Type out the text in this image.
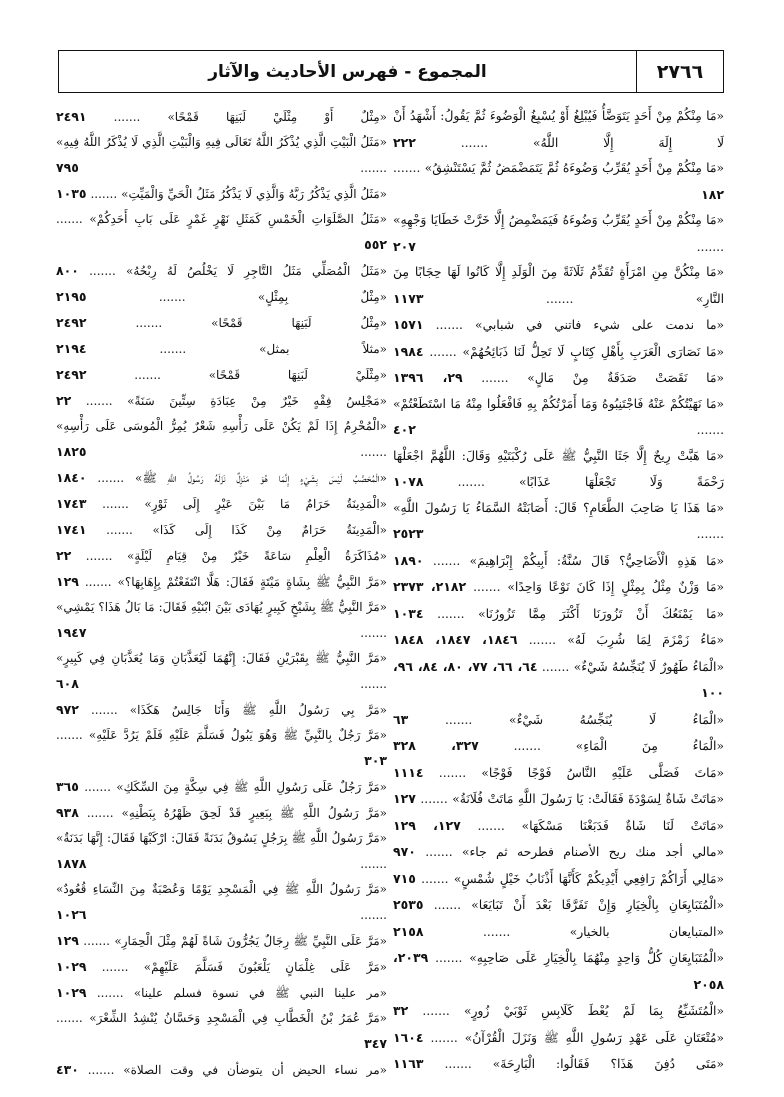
المجموع - فهرس الأحاديث والآثار	٢٧٦٦

«مَا مِنْكُمْ مِنْ أَحَدٍ يَتَوَضَّأُ فَيُبْلِغُ أَوْ يُسْبِغُ الْوَضُوءَ ثُمَّ يَقُولُ: أَشْهَدُ أَنْ لَا إِلَهَ إِلَّا اللَّهُ» ....... ٢٢٢

«مَا مِنْكُمْ مِنْ أَحَدٍ يُقَرِّبُ وَضُوءَهُ ثُمَّ يَتَمَضْمَضُ ثُمَّ يَسْتَنْشِقُ» ....... ١٨٢

«مَا مِنْكُمْ مِنْ أَحَدٍ يُقَرِّبُ وَضُوءَهُ فَيَمَضْمِضُ إِلَّا خَرَّتْ خَطَايَا وَجْهِهِ» ....... ٢٠٧

«مَا مِنْكُنَّ مِنِ امْرَأَةٍ تُقَدِّمُ ثَلَاثَةً مِنَ الْوَلَدِ إِلَّا كَانُوا لَهَا حِجَابًا مِنَ النَّارِ» ....... ١١٧٣

«ما ندمت على شيء فاتني في شبابي» ....... ١٥٧١

«مَا نَصَارَى الْعَرَبِ بِأَهْلِ كِتَابٍ لَا تَحِلُّ لَنَا ذَبَائِحُهُمْ» ....... ١٩٨٤

«مَا نَقَصَتْ صَدَقَةٌ مِنْ مَالٍ» ....... ٢٩، ١٣٩٦

«مَا نَهَيْتُكُمْ عَنْهُ فَاجْتَنِبُوهُ وَمَا أَمَرْتُكُمْ بِهِ فَافْعَلُوا مِنْهُ مَا اسْتَطَعْتُمْ» ....... ٤٠٢

«مَا هَبَّتْ رِيحٌ إِلَّا جَثَا النَّبِيُّ ﷺ عَلَى رُكْبَتَيْهِ وَقَالَ: اللَّهُمَّ اجْعَلْهَا رَحْمَةً وَلَا تَجْعَلْهَا عَذَابًا» ....... ١٠٧٨

«مَا هَذَا يَا صَاحِبَ الطَّعَامِ؟ قَالَ: أَصَابَتْهُ السَّمَاءُ يَا رَسُولَ اللَّهِ» ....... ٢٥٢٣

«مَا هَذِهِ الْأَضَاحِيُّ؟ قَالَ سُنَّةُ: أَبِيكُمْ إِبْرَاهِيمَ» ....... ١٨٩٠

«مَا وَزْنٌ مِثْلُ بِمِثْلٍ إِذَا كَانَ نَوْعًا وَاحِدًا» ....... ٢١٨٢، ٢٣٧٣

«مَا يَمْنَعُكَ أَنْ تَزُورَنَا أَكْثَرَ مِمَّا تَزُورُنَا» ....... ١٠٣٤

«مَاءُ زَمْزَمَ لِمَا شُرِبَ لَهُ» ....... ١٨٤٦، ١٨٤٧، ١٨٤٨

«الْمَاءُ طَهُورٌ لَا يُنَجِّسُهُ شَيْءٌ» ....... ٦٤، ٦٦، ٧٧، ٨٠، ٨٤، ٩٦، ١٠٠

«الْمَاءُ لَا يُنَجِّسُهُ شَيْءٌ» ....... ٦٣

«الْمَاءُ مِنَ الْمَاءِ» ....... ٣٢٧، ٣٢٨

«مَاتَ فَصَلَّى عَلَيْهِ النَّاسُ فَوْجًا فَوْجًا» ....... ١١١٤

«مَاتَتْ شَاةٌ لِسَوْدَةَ فَقَالَتْ: يَا رَسُولَ اللَّهِ مَاتَتْ فُلَانَةُ» ....... ١٢٧

«مَاتَتْ لَنَا شَاةٌ فَدَبَغْنَا مَسْكَهَا» ....... ١٢٧، ١٢٩

«مالي أجد منك ريح الأصنام فطرحه ثم جاء» ....... ٩٧٠

«مَالِي أَرَاكُمْ رَافِعِي أَيْدِيكُمْ كَأَنَّهَا أَذْنَابُ خَيْلٍ شُمْسٍ» ....... ٧١٥

«الْمُتَبَايِعَانِ بِالْخِيَارِ وَإِنْ تَفَرَّقَا بَعْدَ أَنْ تَبَايَعَا» ....... ٢٥٣٥

«المتبايعان بالخيار» ....... ٢١٥٨

«الْمُتَبَايِعَانِ كُلُّ وَاحِدٍ مِنْهُمَا بِالْخِيَارِ عَلَى صَاحِبِهِ» ....... ٢٠٣٩، ٢٠٥٨

«الْمُتَشَبِّعُ بِمَا لَمْ يُعْطَ كَلَابِسِ ثَوْبَيْ زُورٍ» ....... ٣٢

«مُتْعَتَانِ عَلَى عَهْدِ رَسُولِ اللَّهِ ﷺ وَنَزَلَ الْقُرْآنُ» ....... ١٦٠٤

«مَتَى دُفِنَ هَذَا؟ فَقَالُوا: الْبَارِحَةَ» ....... ١١٦٣

«مِثْلٌ أَوْ مِثْلَيْ لَبَنِهَا قَمْحًا» ....... ٢٤٩١

«مَثَلُ الْبَيْتِ الَّذِي يُذْكَرُ اللَّهُ تَعَالَى فِيهِ وَالْبَيْتِ الَّذِي لَا يُذْكَرُ اللَّهُ فِيهِ» ....... ٧٩٥

«مَثَلُ الَّذِي يَذْكُرُ رَبَّهُ وَالَّذِي لَا يَذْكُرُ مَثَلُ الْحَيِّ وَالْمَيِّتِ» ....... ١٠٣٥

«مَثَلُ الصَّلَوَاتِ الْخَمْسِ كَمَثَلِ نَهْرٍ غَمْرٍ عَلَى بَابِ أَحَدِكُمْ» ....... ٥٥٢

«مَثَلُ الْمُصَلِّي مَثَلُ التَّاجِرِ لَا يَخْلُصُ لَهُ رِبْحُهُ» ....... ٨٠٠

«مِثْلٌ بِمِثْلٍ» ....... ٢١٩٥

«مِثْلُ لَبَنِهَا قَمْحًا» ....... ٢٤٩٢

«مثلاً بمثل» ....... ٢١٩٤

«مِثْلَيْ لَبَنِهَا قَمْحًا» ....... ٢٤٩٢

«مَجْلِسُ فِقْهٍ خَيْرٌ مِنْ عِبَادَةِ سِتِّينَ سَنَةً» ....... ٢٢

«الْمُحْرِمُ إِذَا لَمْ يَكُنْ عَلَى رَأْسِهِ شَعْرٌ يُمِرُّ الْمُوسَى عَلَى رَأْسِهِ» ....... ١٨٢٥

«الْمُحَصَّبُ لَيْسَ بِشَيْءٍ إِنَّمَا هُوَ مَنْزِلٌ نَزَلَهُ رَسُولُ اللَّهِ ﷺ» ....... ١٨٤٠

«الْمَدِينَةُ حَرَامٌ مَا بَيْنَ عَيْرٍ إِلَى ثَوْرٍ» ....... ١٧٤٣

«الْمَدِينَةُ حَرَامٌ مِنْ كَذَا إِلَى كَذَا» ....... ١٧٤١

«مُذَاكَرَةُ الْعِلْمِ سَاعَةً خَيْرٌ مِنْ قِيَامِ لَيْلَةٍ» ....... ٢٢

«مَرَّ النَّبِيُّ ﷺ بِشَاةٍ مَيْتَةٍ فَقَالَ: هَلَّا انْتَفَعْتُمْ بِإِهَابِهَا؟» ....... ١٢٩

«مَرَّ النَّبِيُّ ﷺ بِشَيْخٍ كَبِيرٍ يُهَادَى بَيْنَ ابْنَيْهِ فَقَالَ: مَا بَالُ هَذَا؟ يَمْشِي» ....... ١٩٤٧

«مَرَّ النَّبِيُّ ﷺ بِقَبْرَيْنِ فَقَالَ: إِنَّهُمَا لَيُعَذَّبَانِ وَمَا يُعَذَّبَانِ فِي كَبِيرٍ» ....... ٦٠٨

«مَرَّ بِي رَسُولُ اللَّهِ ﷺ وَأَنَا جَالِسٌ هَكَذَا» ....... ٩٧٢

«مَرَّ رَجُلٌ بِالنَّبِيِّ ﷺ وَهُوَ يَبُولُ فَسَلَّمَ عَلَيْهِ فَلَمْ يَرُدَّ عَلَيْهِ» ....... ٣٠٣

«مَرَّ رَجُلٌ عَلَى رَسُولِ اللَّهِ ﷺ فِي سِكَّةٍ مِنَ السِّكَكِ» ....... ٣٦٥

«مَرَّ رَسُولُ اللَّهِ ﷺ بِبَعِيرٍ قَدْ لَحِقَ ظَهْرُهُ بِبَطْنِهِ» ....... ٩٣٨

«مَرَّ رَسُولُ اللَّهِ ﷺ بِرَجُلٍ يَسُوقُ بَدَنَةً فَقَالَ: ارْكَبْهَا فَقَالَ: إِنَّهَا بَدَنَةٌ» ....... ١٨٧٨

«مَرَّ رَسُولُ اللَّهِ ﷺ فِي الْمَسْجِدِ يَوْمًا وَعُصْبَةٌ مِنَ النِّسَاءِ قُعُودٌ» ....... ١٠٢٦

«مَرَّ عَلَى النَّبِيِّ ﷺ رِجَالٌ يَجُرُّونَ شَاةً لَهُمْ مِثْلَ الْحِمَارِ» ....... ١٢٩

«مَرَّ عَلَى غِلْمَانٍ يَلْعَبُونَ فَسَلَّمَ عَلَيْهِمْ» ....... ١٠٢٩

«مر علينا النبي ﷺ في نسوة فسلم علينا» ....... ١٠٢٩

«مَرَّ عُمَرُ بْنُ الْخَطَّابِ فِي الْمَسْجِدِ وَحَسَّانُ يُنْشِدُ الشِّعْرَ» ....... ٣٤٧

«مر نساء الحيض أن يتوضأن في وقت الصلاة» ....... ٤٣٠
